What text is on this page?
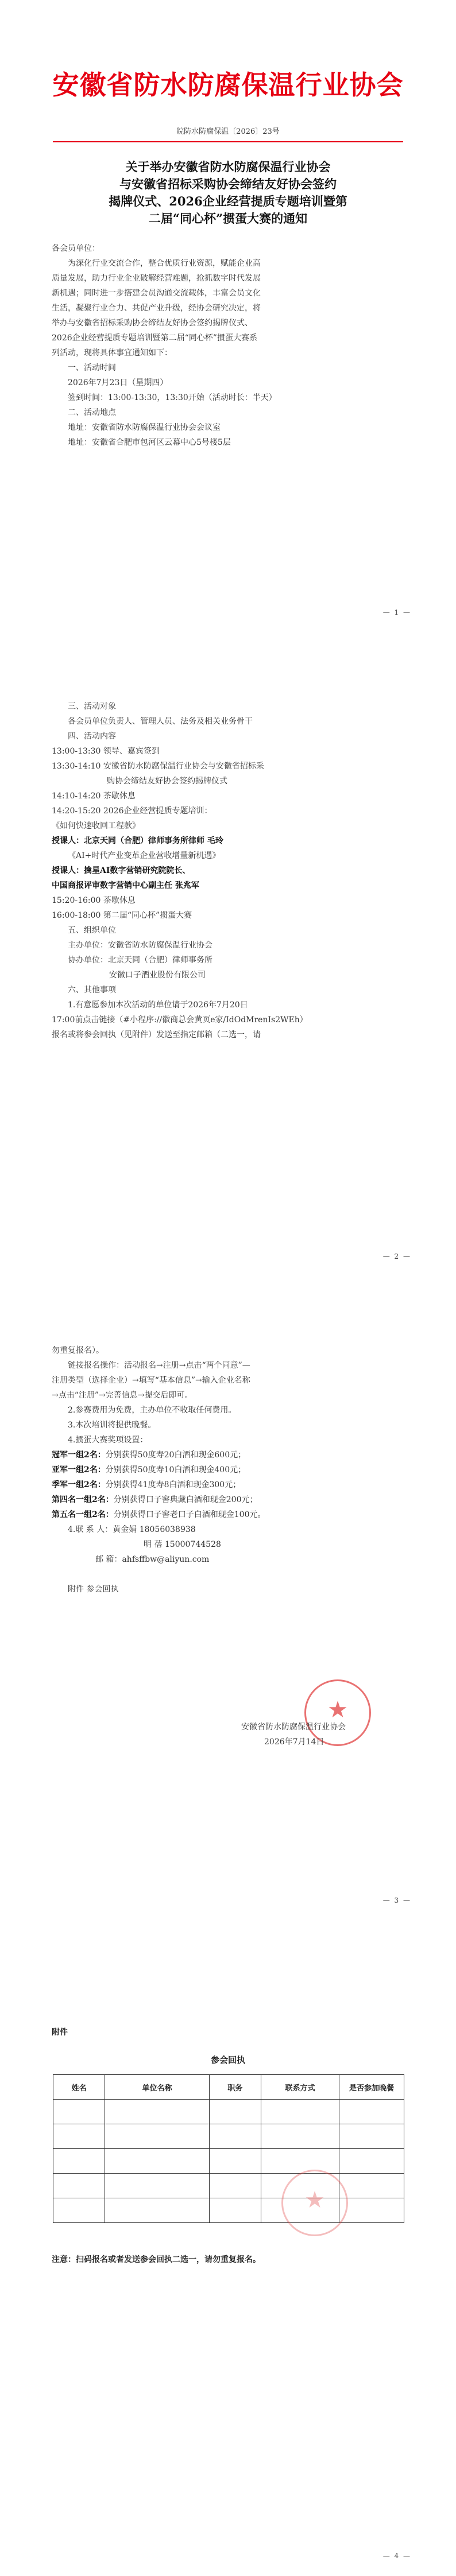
安徽省防水防腐保温行业协会
皖防水防腐保温〔2026〕23号
关于举办安徽省防水防腐保温行业协会
与安徽省招标采购协会缔结友好协会签约
揭牌仪式、2026企业经营提质专题培训暨第
二届“同心杯”掼蛋大赛的通知
各会员单位：
为深化行业交流合作，整合优质行业资源，赋能企业高
质量发展，助力行业企业破解经营难题，抢抓数字时代发展
新机遇；同时进一步搭建会员沟通交流载体，丰富会员文化
生活，凝聚行业合力、共促产业升级，经协会研究决定，将
举办与安徽省招标采购协会缔结友好协会签约揭牌仪式、
2026企业经营提质专题培训暨第二届“同心杯”掼蛋大赛系
列活动，现将具体事宜通知如下：
一、活动时间
2026年7月23日（星期四）
签到时间：13:00-13:30，13:30开始（活动时长：半天）
二、活动地点
地址：安徽省防水防腐保温行业协会会议室
地址：安徽省合肥市包河区云幕中心5号楼5层
— 1 —
三、活动对象
各会员单位负责人、管理人员、法务及相关业务骨干
四、活动内容
13:00-13:30 领导、嘉宾签到
13:30-14:10 安徽省防水防腐保温行业协会与安徽省招标采
购协会缔结友好协会签约揭牌仪式
14:10-14:20 茶歇休息
14:20-15:20 2026企业经营提质专题培训：
《如何快速收回工程款》
授课人：北京天同（合肥）律师事务所律师 毛玲
《AI+时代产业变革企业营收增量新机遇》
授课人：擒星AI数字营销研究院院长、
中国商报评审数字营销中心副主任 张兆军
15:20-16:00 茶歇休息
16:00-18:00 第二届“同心杯”掼蛋大赛
五、组织单位
主办单位：安徽省防水防腐保温行业协会
协办单位：北京天同（合肥）律师事务所
安徽口子酒业股份有限公司
六、其他事项
1.有意愿参加本次活动的单位请于2026年7月20日
17:00前点击链接（#小程序://徽商总会黄页e家/IdOdMrenIs2WEh）
报名或将参会回执（见附件）发送至指定邮箱（二选一，请
— 2 —
勿重复报名）。
链接报名操作：活动报名→注册→点击“两个同意”—
注册类型（选择企业）→填写“基本信息”→输入企业名称
→点击“注册”→完善信息→提交后即可。
2.参赛费用为免费，主办单位不收取任何费用。
3.本次培训将提供晚餐。
4.掼蛋大赛奖项设置：
冠军一组2名：分别获得50度寿20白酒和现金600元；
亚军一组2名：分别获得50度寿10白酒和现金400元；
季军一组2名：分别获得41度寿8白酒和现金300元；
第四名一组2名：分别获得口子窖典藏白酒和现金200元；
第五名一组2名：分别获得口子窖老口子白酒和现金100元。
4.联 系 人：黄金娟 18056038938
明 蓓 15000744528
邮 箱：ahfsffbw@aliyun.com
附件 参会回执

★
安徽省防水防腐保温行业协会
2026年7月14日
— 3 —
— 4 —
附件
参会回执
姓名	单位名称	职务	联系方式	是否参加晚餐

★
注意：扫码报名或者发送参会回执二选一，请勿重复报名。
